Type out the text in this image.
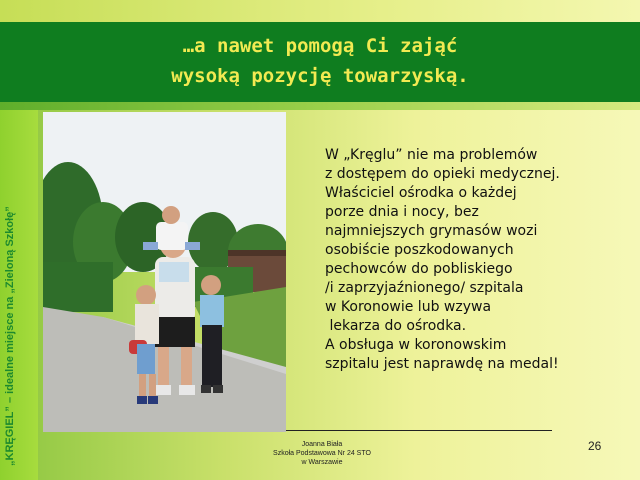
…a nawet pomogą Ci zająć
wysoką pozycję towarzyską.
„KRĘGIEL” – idealne miejsce na „Zieloną Szkołę”
W „Kręglu” nie ma problemów
z dostępem do opieki medycznej.
Właściciel ośrodka o każdej
porze dnia i nocy, bez
najmniejszych grymasów wozi
osobiście poszkodowanych
pechowców do pobliskiego
/i zaprzyjaźnionego/ szpitala
w Koronowie lub wzywa
lekarza do ośrodka.
A obsługa w koronowskim
szpitalu jest naprawdę na medal!
Joanna Biała
Szkoła Podstawowa Nr 24 STO
w Warszawie
26
